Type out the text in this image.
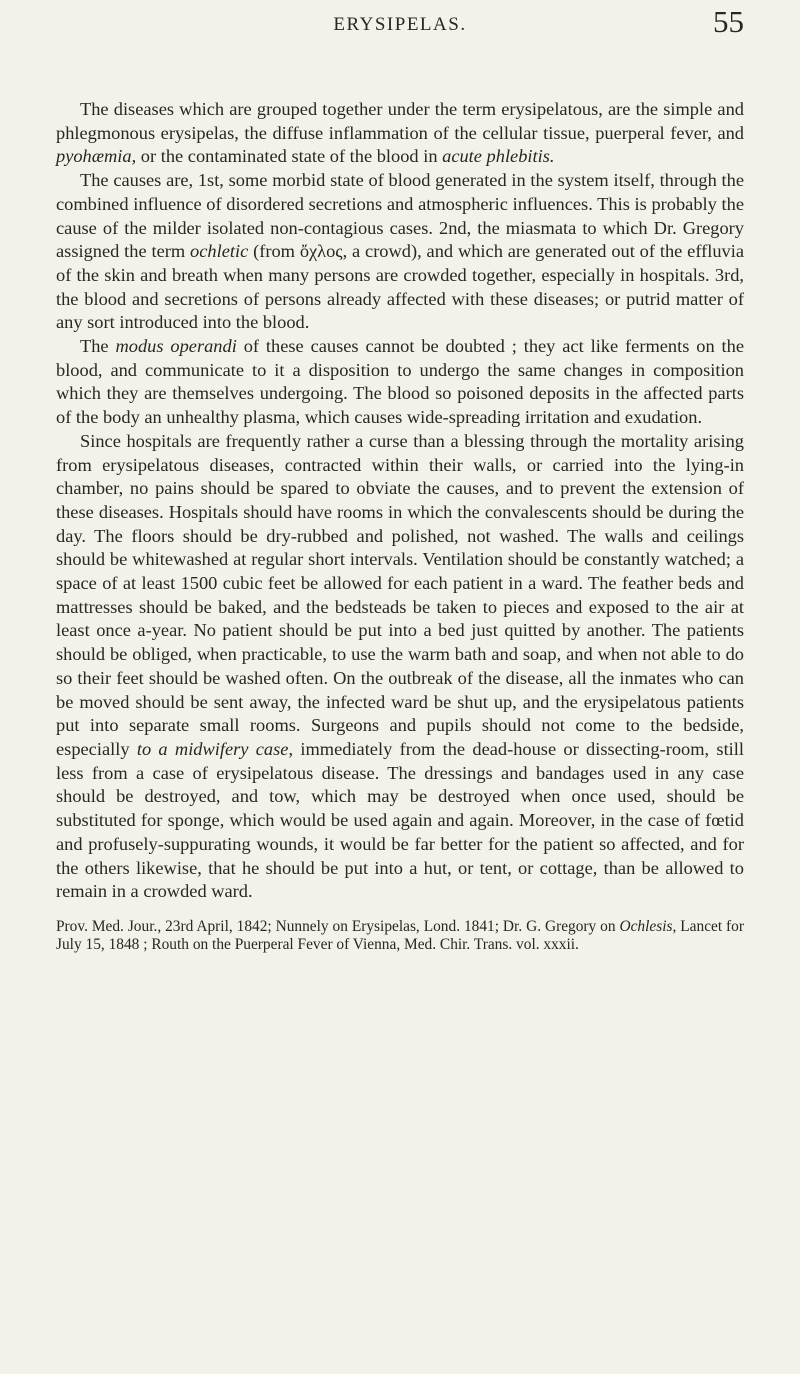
ERYSIPELAS.	55

The diseases which are grouped together under the term erysipelatous, are the simple and phlegmonous erysipelas, the diffuse inflammation of the cellular tissue, puerperal fever, and pyohæmia, or the contaminated state of the blood in acute phlebitis.

The causes are, 1st, some morbid state of blood generated in the system itself, through the combined influence of disordered secretions and atmospheric influences. This is probably the cause of the milder isolated non-contagious cases. 2nd, the miasmata to which Dr. Gregory assigned the term ochletic (from ὄχλος, a crowd), and which are generated out of the effluvia of the skin and breath when many persons are crowded together, especially in hospitals. 3rd, the blood and secretions of persons already affected with these diseases; or putrid matter of any sort introduced into the blood.

The modus operandi of these causes cannot be doubted ; they act like ferments on the blood, and communicate to it a disposition to undergo the same changes in composition which they are themselves undergoing. The blood so poisoned deposits in the affected parts of the body an unhealthy plasma, which causes wide-spreading irritation and exudation.

Since hospitals are frequently rather a curse than a blessing through the mortality arising from erysipelatous diseases, contracted within their walls, or carried into the lying-in chamber, no pains should be spared to obviate the causes, and to prevent the extension of these diseases. Hospitals should have rooms in which the convalescents should be during the day. The floors should be dry-rubbed and polished, not washed. The walls and ceilings should be whitewashed at regular short intervals. Ventilation should be constantly watched; a space of at least 1500 cubic feet be allowed for each patient in a ward. The feather beds and mattresses should be baked, and the bedsteads be taken to pieces and exposed to the air at least once a-year. No patient should be put into a bed just quitted by another. The patients should be obliged, when practicable, to use the warm bath and soap, and when not able to do so their feet should be washed often. On the outbreak of the disease, all the inmates who can be moved should be sent away, the infected ward be shut up, and the erysipelatous patients put into separate small rooms. Surgeons and pupils should not come to the bedside, especially to a midwifery case, immediately from the dead-house or dissecting-room, still less from a case of erysipelatous disease. The dressings and bandages used in any case should be destroyed, and tow, which may be destroyed when once used, should be substituted for sponge, which would be used again and again. Moreover, in the case of fœtid and profusely-suppurating wounds, it would be far better for the patient so affected, and for the others likewise, that he should be put into a hut, or tent, or cottage, than be allowed to remain in a crowded ward.

Prov. Med. Jour., 23rd April, 1842; Nunnely on Erysipelas, Lond. 1841; Dr. G. Gregory on Ochlesis, Lancet for July 15, 1848 ; Routh on the Puerperal Fever of Vienna, Med. Chir. Trans. vol. xxxii.
